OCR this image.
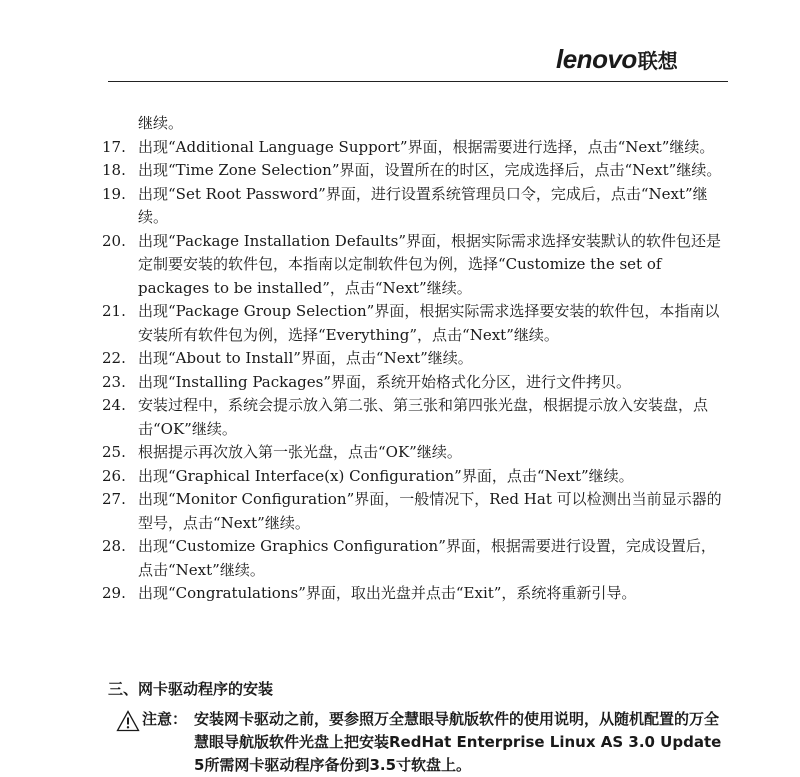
lenovo联想
继续。
17. 出现“Additional Language Support”界面，根据需要进行选择，点击“Next”继续。
18. 出现“Time Zone Selection”界面，设置所在的时区，完成选择后，点击“Next”继续。
19. 出现“Set Root Password”界面，进行设置系统管理员口令，完成后，点击“Next”继续。
20. 出现“Package Installation Defaults”界面，根据实际需求选择安装默认的软件包还是定制要安装的软件包，本指南以定制软件包为例，选择“Customize the set of packages to be installed”，点击“Next”继续。
21. 出现“Package Group Selection”界面，根据实际需求选择要安装的软件包，本指南以安装所有软件包为例，选择“Everything”，点击“Next”继续。
22. 出现“About to Install”界面，点击“Next”继续。
23. 出现“Installing Packages”界面，系统开始格式化分区，进行文件拷贝。
24. 安装过程中，系统会提示放入第二张、第三张和第四张光盘，根据提示放入安装盘，点击“OK”继续。
25. 根据提示再次放入第一张光盘，点击“OK”继续。
26. 出现“Graphical Interface(x) Configuration”界面，点击“Next”继续。
27. 出现“Monitor Configuration”界面，一般情况下，Red Hat 可以检测出当前显示器的型号，点击“Next”继续。
28. 出现“Customize Graphics Configuration”界面，根据需要进行设置，完成设置后，点击“Next”继续。
29. 出现“Congratulations”界面，取出光盘并点击“Exit”，系统将重新引导。
三、网卡驱动程序的安装
注意： 安装网卡驱动之前，要参照万全慧眼导航版软件的使用说明，从随机配置的万全慧眼导航版软件光盘上把安装RedHat Enterprise Linux AS 3.0 Update 5所需网卡驱动程序备份到3.5寸软盘上。
